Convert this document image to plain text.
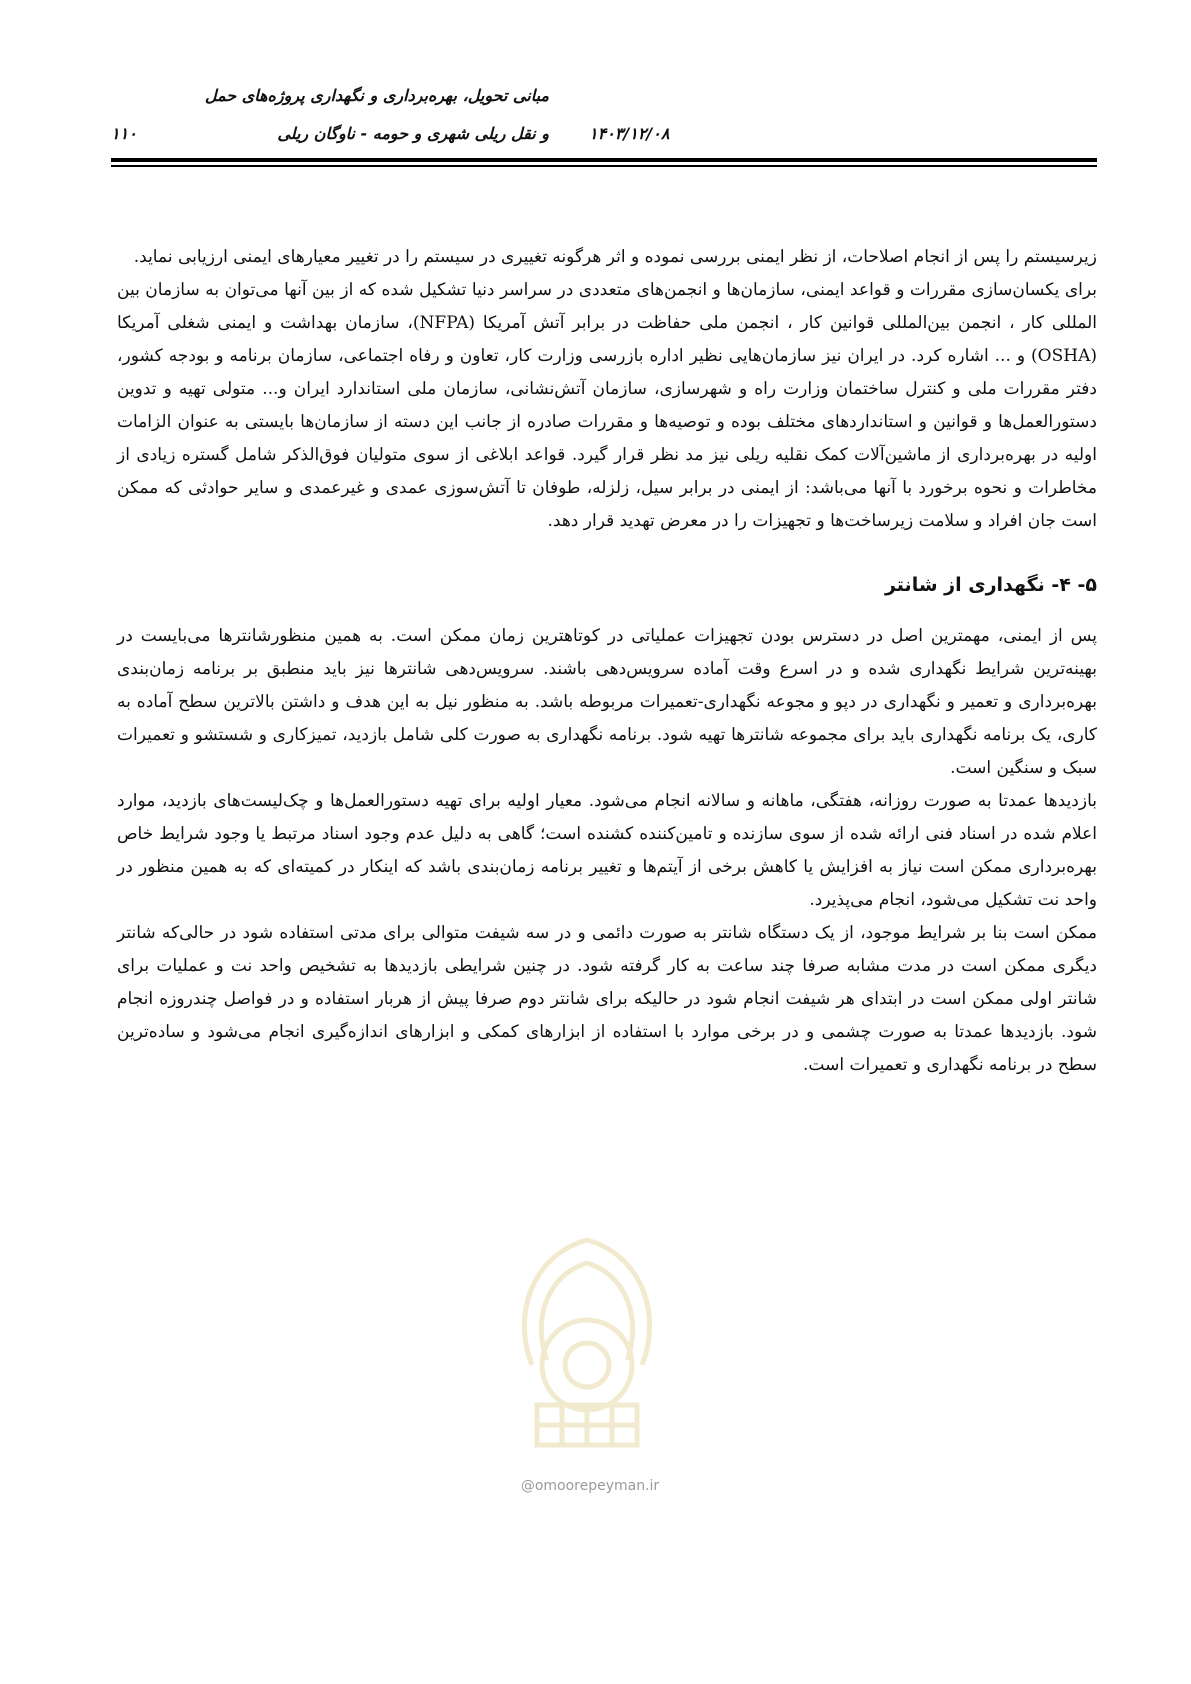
مبانی تحویل، بهره‌برداری و نگهداری پروژه‌های حمل
و نقل ریلی شهری و حومه - ناوگان ریلی	۱۴۰۳/۱۲/۰۸
۱۱۰

زیرسیستم را پس از انجام اصلاحات، از نظر ایمنی بررسی نموده و اثر هرگونه تغییری در سیستم را در تغییر معیارهای ایمنی ارزیابی نماید.

برای یکسان‌سازی مقررات و قواعد ایمنی، سازمان‌ها و انجمن‌های متعددی در سراسر دنیا تشکیل شده که از بین آنها می‌توان به سازمان بین المللی کار ، انجمن بین‌المللی قوانین کار ، انجمن ملی حفاظت در برابر آتش آمریکا (NFPA)، سازمان بهداشت و ایمنی شغلی آمریکا (OSHA) و ... اشاره کرد. در ایران نیز سازمان‌هایی نظیر اداره بازرسی وزارت کار، تعاون و رفاه اجتماعی، سازمان برنامه و بودجه کشور، دفتر مقررات ملی و کنترل ساختمان وزارت راه و شهرسازی، سازمان آتش‌نشانی، سازمان ملی استاندارد ایران و... متولی تهیه و تدوین دستورالعمل‌ها و قوانین و استانداردهای مختلف بوده و توصیه‌ها و مقررات صادره از جانب این دسته از سازمان‌ها بایستی به عنوان الزامات اولیه در بهره‌برداری از ماشین‌آلات کمک نقلیه ریلی نیز مد نظر قرار گیرد. قواعد ابلاغی از سوی متولیان فوق‌الذکر شامل گستره زیادی از مخاطرات و نحوه برخورد با آنها می‌باشد: از ایمنی در برابر سیل، زلزله، طوفان تا آتش‌سوزی عمدی و غیرعمدی و سایر حوادثی که ممکن است جان افراد و سلامت زیرساخت‌ها و تجهیزات را در معرض تهدید قرار دهد.

۵- ۴- نگهداری از شانتر

پس از ایمنی، مهمترین اصل در دسترس بودن تجهیزات عملیاتی در کوتاهترین زمان ممکن است. به همین منظورشانترها می‌بایست در بهینه‌ترین شرایط نگهداری شده و در اسرع وقت آماده سرویس‌دهی باشند. سرویس‌دهی شانترها نیز باید منطبق بر برنامه زمان‌بندی بهره‌برداری و تعمیر و نگهداری در دپو و مجوعه نگهداری-تعمیرات مربوطه باشد. به منظور نیل به این هدف و داشتن بالاترین سطح آماده به کاری، یک برنامه نگهداری باید برای مجموعه شانترها تهیه شود. برنامه نگهداری به صورت کلی شامل بازدید، تمیزکاری و شستشو و تعمیرات سبک و سنگین است.

بازدیدها عمدتا به صورت روزانه، هفتگی، ماهانه و سالانه انجام می‌شود. معیار اولیه برای تهیه دستورالعمل‌ها و چک‌لیست‌های بازدید، موارد اعلام شده در اسناد فنی ارائه شده از سوی سازنده و تامین‌کننده کشنده است؛ گاهی به دلیل عدم وجود اسناد مرتبط یا وجود شرایط خاص بهره‌برداری ممکن است نیاز به افزایش یا کاهش برخی از آیتم‌ها و تغییر برنامه زمان‌بندی باشد که اینکار در کمیته‌ای که به همین منظور در واحد نت تشکیل می‌شود، انجام می‌پذیرد.

ممکن است بنا بر شرایط موجود، از یک دستگاه شانتر به صورت دائمی و در سه شیفت متوالی برای مدتی استفاده شود در حالی‌که شانتر دیگری ممکن است در مدت مشابه صرفا چند ساعت به کار گرفته شود. در چنین شرایطی بازدیدها به تشخیص واحد نت و عملیات برای شانتر اولی ممکن است در ابتدای هر شیفت انجام شود در حالیکه برای شانتر دوم صرفا پیش از هربار استفاده و در فواصل چندروزه انجام شود. بازدیدها عمدتا به صورت چشمی و در برخی موارد با استفاده از ابزارهای کمکی و ابزارهای اندازه‌گیری انجام می‌شود و ساده‌ترین سطح در برنامه نگهداری و تعمیرات است.

@omoorepeyman.ir
